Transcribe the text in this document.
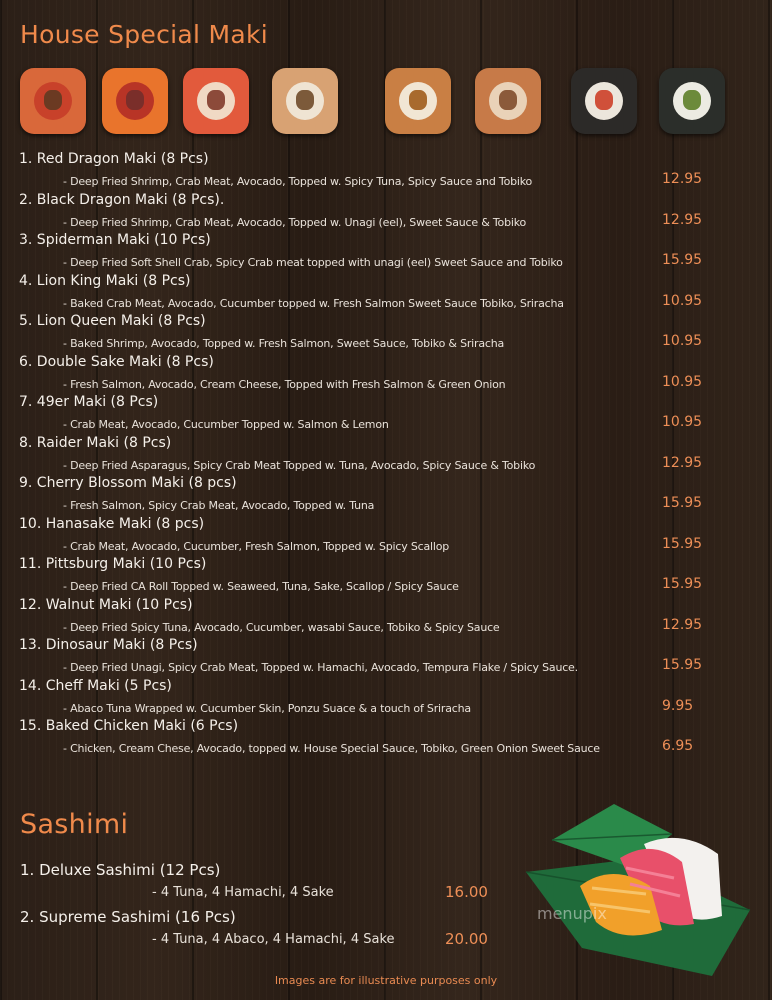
House Special Maki
1. Red Dragon Maki (8 Pcs)
- Deep Fried Shrimp, Crab Meat, Avocado, Topped w. Spicy Tuna, Spicy Sauce and Tobiko	12.95
2. Black Dragon Maki (8 Pcs).
- Deep Fried Shrimp, Crab Meat, Avocado, Topped w. Unagi (eel), Sweet Sauce & Tobiko	12.95
3. Spiderman Maki (10 Pcs)
- Deep Fried Soft Shell Crab, Spicy Crab meat topped with unagi (eel) Sweet Sauce and Tobiko	15.95
4. Lion King Maki (8 Pcs)
- Baked Crab Meat, Avocado, Cucumber topped w. Fresh Salmon Sweet Sauce Tobiko, Sriracha	10.95
5. Lion Queen Maki (8 Pcs)
- Baked Shrimp, Avocado, Topped w. Fresh Salmon, Sweet Sauce, Tobiko & Sriracha	10.95
6. Double Sake Maki (8 Pcs)
- Fresh Salmon, Avocado, Cream Cheese, Topped with Fresh Salmon & Green Onion	10.95
7. 49er Maki (8 Pcs)
- Crab Meat, Avocado, Cucumber Topped w. Salmon & Lemon	10.95
8. Raider Maki (8 Pcs)
- Deep Fried Asparagus, Spicy Crab Meat Topped w. Tuna, Avocado, Spicy Sauce & Tobiko	12.95
9. Cherry Blossom Maki (8 pcs)
- Fresh Salmon, Spicy Crab Meat, Avocado, Topped w. Tuna	15.95
10. Hanasake Maki (8 pcs)
- Crab Meat, Avocado, Cucumber, Fresh Salmon, Topped w. Spicy Scallop	15.95
11. Pittsburg Maki (10 Pcs)
- Deep Fried CA Roll Topped w. Seaweed, Tuna, Sake, Scallop / Spicy Sauce	15.95
12. Walnut Maki (10 Pcs)
- Deep Fried Spicy Tuna, Avocado, Cucumber, wasabi Sauce, Tobiko & Spicy Sauce	12.95
13. Dinosaur Maki (8 Pcs)
- Deep Fried Unagi, Spicy Crab Meat, Topped w. Hamachi, Avocado, Tempura Flake / Spicy Sauce.	15.95
14. Cheff Maki (5 Pcs)
- Abaco Tuna Wrapped w. Cucumber Skin, Ponzu Suace & a touch of Sriracha	9.95
15. Baked Chicken Maki (6 Pcs)
- Chicken, Cream Chese, Avocado, topped w. House Special Sauce, Tobiko, Green Onion Sweet Sauce	6.95
Sashimi
1. Deluxe Sashimi (12 Pcs)
- 4 Tuna, 4 Hamachi, 4 Sake	16.00
2. Supreme Sashimi (16 Pcs)
- 4 Tuna, 4 Abaco, 4 Hamachi, 4 Sake	20.00
menupix
Images are for illustrative purposes only
